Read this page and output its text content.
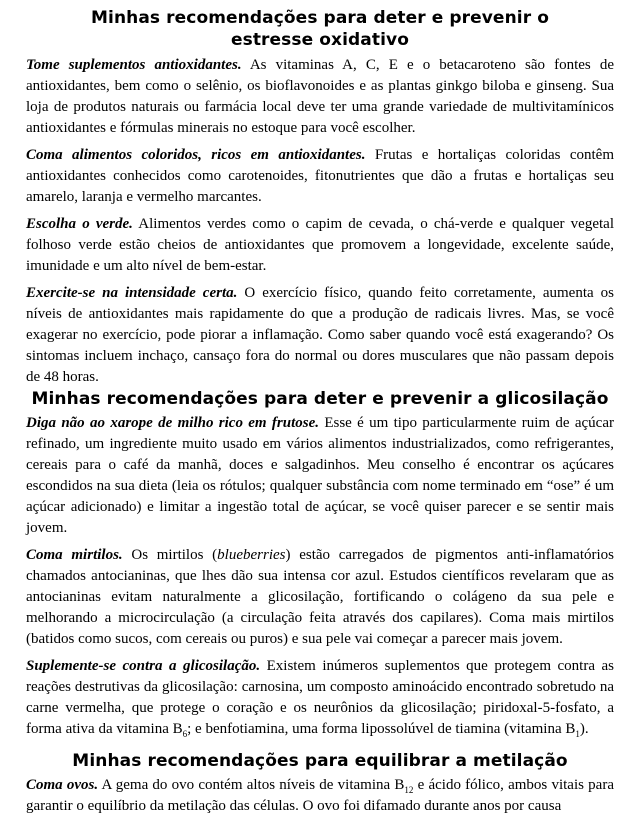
Minhas recomendações para deter e prevenir o estresse oxidativo

Tome suplementos antioxidantes. As vitaminas A, C, E e o betacaroteno são fontes de antioxidantes, bem como o selênio, os bioflavonoides e as plantas ginkgo biloba e ginseng. Sua loja de produtos naturais ou farmácia local deve ter uma grande variedade de multivitamínicos antioxidantes e fórmulas minerais no estoque para você escolher.

Coma alimentos coloridos, ricos em antioxidantes. Frutas e hortaliças coloridas contêm antioxidantes conhecidos como carotenoides, fitonutrientes que dão a frutas e hortaliças seu amarelo, laranja e vermelho marcantes.

Escolha o verde. Alimentos verdes como o capim de cevada, o chá-verde e qualquer vegetal folhoso verde estão cheios de antioxidantes que promovem a longevidade, excelente saúde, imunidade e um alto nível de bem-estar.

Exercite-se na intensidade certa. O exercício físico, quando feito corretamente, aumenta os níveis de antioxidantes mais rapidamente do que a produção de radicais livres. Mas, se você exagerar no exercício, pode piorar a inflamação. Como saber quando você está exagerando? Os sintomas incluem inchaço, cansaço fora do normal ou dores musculares que não passam depois de 48 horas.

Minhas recomendações para deter e prevenir a glicosilação

Diga não ao xarope de milho rico em frutose. Esse é um tipo particularmente ruim de açúcar refinado, um ingrediente muito usado em vários alimentos industrializados, como refrigerantes, cereais para o café da manhã, doces e salgadinhos. Meu conselho é encontrar os açúcares escondidos na sua dieta (leia os rótulos; qualquer substância com nome terminado em “ose” é um açúcar adicionado) e limitar a ingestão total de açúcar, se você quiser parecer e se sentir mais jovem.

Coma mirtilos. Os mirtilos (blueberries) estão carregados de pigmentos anti-inflamatórios chamados antocianinas, que lhes dão sua intensa cor azul. Estudos científicos revelaram que as antocianinas evitam naturalmente a glicosilação, fortificando o colágeno da sua pele e melhorando a microcirculação (a circulação feita através dos capilares). Coma mais mirtilos (batidos como sucos, com cereais ou puros) e sua pele vai começar a parecer mais jovem.

Suplemente-se contra a glicosilação. Existem inúmeros suplementos que protegem contra as reações destrutivas da glicosilação: carnosina, um composto aminoácido encontrado sobretudo na carne vermelha, que protege o coração e os neurônios da glicosilação; piridoxal-5-fosfato, a forma ativa da vitamina $B_6$; e benfotiamina, uma forma lipossolúvel de tiamina (vitamina $B_1$).

Minhas recomendações para equilibrar a metilação

Coma ovos. A gema do ovo contém altos níveis de vitamina $B_{12}$ e ácido fólico, ambos vitais para garantir o equilíbrio da metilação das células. O ovo foi difamado durante anos por causa
